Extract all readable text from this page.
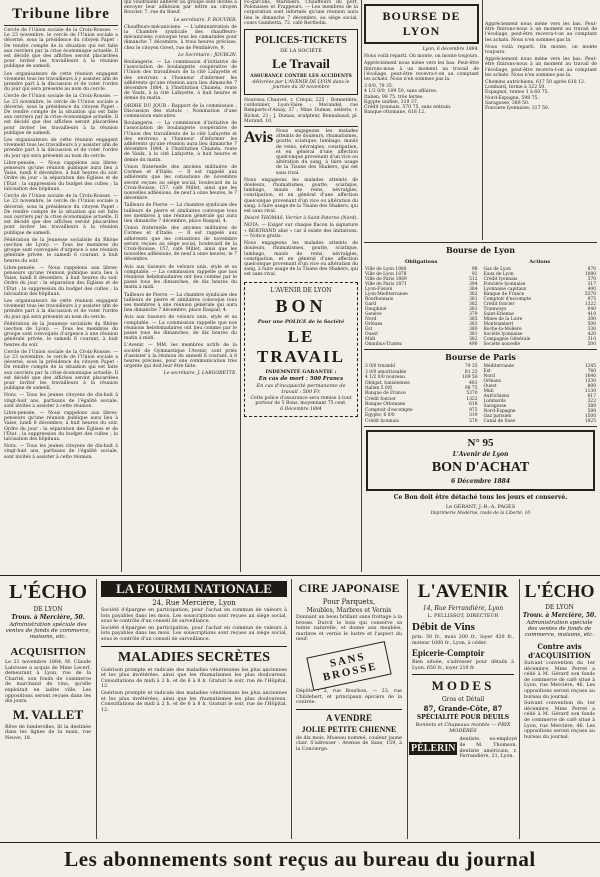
Tribune libre

Cercle de l'Union sociale de la Croix-Rousse. — Le 23 novembre, le cercle de l'Union sociale a décerné, sous la présidence du citoyen Papet : De rendre compte de la situation qui est faite aux ouvriers par la crise économique actuelle. Il est décidé que des affiches seront placardées pour inviter les travailleurs à la réunion publique de samedi.

Les organisateurs de cette réunion engagent vivement tous les travailleurs à y assister afin de prendre part à la discussion et de voter l'ordre du jour qui sera présenté au nom du cercle.

Cercle de l'Union sociale de la Croix-Rousse. — Le 23 novembre, le cercle de l'Union sociale a décerné, sous la présidence du citoyen Papet : De rendre compte de la situation qui est faite aux ouvriers par la crise économique actuelle. Il est décidé que des affiches seront placardées pour inviter les travailleurs à la réunion publique de samedi.

Les organisateurs de cette réunion engagent vivement tous les travailleurs à y assister afin de prendre part à la discussion et de voter l'ordre du jour qui sera présenté au nom du cercle.

Libre-pensée. — Nous rappelons aux libres-penseurs qu'une réunion publique aura lieu à Vaise, lundi 8 décembre, à huit heures du soir. Ordre du jour : la séparation des Églises et de l'État ; la suppression du budget des cultes ; la laïcisation des hôpitaux.

Cercle de l'Union sociale de la Croix-Rousse. — Le 23 novembre, le cercle de l'Union sociale a décerné, sous la présidence du citoyen Papet : De rendre compte de la situation qui est faite aux ouvriers par la crise économique actuelle. Il est décidé que des affiches seront placardées pour inviter les travailleurs à la réunion publique de samedi.

Fédération de la Jeunesse socialiste du Rhône (section de Lyon). — Tous les membres du groupe sont convoqués d'urgence à une réunion générale privée, le samedi 6 courant, à huit heures du soir.

Libre-pensée. — Nous rappelons aux libres-penseurs qu'une réunion publique aura lieu à Vaise, lundi 8 décembre, à huit heures du soir. Ordre du jour : la séparation des Églises et de l'État ; la suppression du budget des cultes ; la laïcisation des hôpitaux.

Les organisateurs de cette réunion engagent vivement tous les travailleurs à y assister afin de prendre part à la discussion et de voter l'ordre du jour qui sera présenté au nom du cercle.

Fédération de la Jeunesse socialiste du Rhône (section de Lyon). — Tous les membres du groupe sont convoqués d'urgence à une réunion générale privée, le samedi 6 courant, à huit heures du soir.

Cercle de l'Union sociale de la Croix-Rousse. — Le 23 novembre, le cercle de l'Union sociale a décerné, sous la présidence du citoyen Papet : De rendre compte de la situation qui est faite aux ouvriers par la crise économique actuelle. Il est décidé que des affiches seront placardées pour inviter les travailleurs à la réunion publique de samedi.

Nora. — Tous les jeunes citoyens de dix-huit à vingt-huit ans, partisans de l'égalité sociale, sont invités à assister à cette réunion.

Libre-pensée. — Nous rappelons aux libres-penseurs qu'une réunion publique aura lieu à Vaise, lundi 8 décembre, à huit heures du soir. Ordre du jour : la séparation des Églises et de l'État ; la suppression du budget des cultes ; la laïcisation des hôpitaux.

Nora. — Tous les jeunes citoyens de dix-huit à vingt-huit ans, partisans de l'égalité sociale, sont invités à assister à cette réunion.

qui voudraient adhérer au groupe sont invités à envoyer leur adhésion par lettre au citoyen Bouvier, 7, rue du Bœuf.

Le secrétaire, P. BOUVIER.

Chauffeurs-mécaniciens. — L'administration de la Chambre syndicale des chauffeurs-mécaniciens convoque tous les camarades pour dimanche 7 décembre, à trois heures précises, chez le citoyen Greet, rue de Penthièvre, 9.

Le Secrétaire : JOUBLIN.

Boulangerie. — La commission d'initiative de l'association de boulangerie coopérative de l'Union des travailleurs de la cité Lafayette et des environs a l'honneur d'informer les adhérents qu'une réunion aura lieu dimanche 7 décembre 1884, à l'Institution Chianéa, route de Vaulx, à la cité Lafayette, à huit heures et demie du matin.

ORDRE DU JOUR : Rapport de la commission ; Discussion des statuts ; Nomination d'une commission exécutive.

Boulangerie. — La commission d'initiative de l'association de boulangerie coopérative de l'Union des travailleurs de la cité Lafayette et des environs a l'honneur d'informer les adhérents qu'une réunion aura lieu dimanche 7 décembre 1884, à l'Institution Chianéa, route de Vaulx, à la cité Lafayette, à huit heures et demie du matin.

Union fraternelle des anciens militaires de Cormes et d'Italie. — Il est rappelé aux adhérents que les cotisations de novembre seront reçues au siège social, boulevard de la Croix-Rousse, 157, café Millet, ainsi que les nouvelles adhésions, de neuf à onze heures, le 7 décembre.

Tailleurs de Pierre. — La chambre syndicale des tailleurs de pierre et similaires convoque tous ses membres à une réunion générale qui aura lieu dimanche 7 décembre, place Raspail, 4.

Union fraternelle des anciens militaires de Cormes et d'Italie. — Il est rappelé aux adhérents que les cotisations de novembre seront reçues au siège social, boulevard de la Croix-Rousse, 157, café Millet, ainsi que les nouvelles adhésions, de neuf à onze heures, le 7 décembre.

Avis aux tisseurs de velours unis, style et sa comptable. — La commission rappelle que nos réunions hebdomadaires ont lieu comme par le passé tous les dimanches, de dix heures du matin à midi.

Tailleurs de Pierre. — La chambre syndicale des tailleurs de pierre et similaires convoque tous ses membres à une réunion générale qui aura lieu dimanche 7 décembre, place Raspail, 4.

Avis aux tisseurs de velours unis, style et sa comptable. — La commission rappelle que nos réunions hebdomadaires ont lieu comme par le passé tous les dimanches, de dix heures du matin à midi.

L'Avenir. — MM. les membres actifs de la société de Gymnastique l'Avenir, sont priés d'assister à la réunion du samedi 6 courant, à 8 heures précises, pour une communication très urgente qui doit leur être faite.

Le secrétaire, J. LARGORETTE.

Fo-garcons, Mariniers, Chauffeurs du port, Polonaises et Frappeurs. — Les membres de la corporation sont informés qu'une réunion aura lieu le dimanche 7 décembre, au siège social, cours Gambetta, 72, café Berthelin.

POLICES-TICKETS
DE LA SOCIÉTÉ
Le Travail
ASSURANCE CONTRE LES ACCIDENTS
délivrées par L'AVENIR DE LYON dans le journée du 30 novembre

Nouveau Chauvet, r. Créqui, 225 ; Bonnetière, cordonnier, Lyon-Vaise ; Morandel, rue Remparts-d'Ainay, 37 ; Mme Dumas, sellerie, r. Bichat, 23 ; J. Dumas, sculpteur, Bonnabaud, pl. Morand, 10.

Avis Nous engageons les malades atteints de douleurs, rhumatismes, goutte, sciatique, lumbago, mauls de reins, névralgies, constipation, et en général d'une affection quelconque provenant d'un vice ou altération du sang, à faire usage de la Tisane des Shakers, qui est sans rival.

Nous engageons les malades atteints de douleurs, rhumatismes, goutte, sciatique, lumbago, mauls de reins, névralgies, constipation, et en général d'une affection quelconque provenant d'un vice ou altération du sang, à faire usage de la Tisane des Shakers, qui est sans rival.

Désiré THOMAS, Verrier à Saint-Paterne (Nord).

NOTA. — Exiger sur chaque flacon la signature « BERTRAND aîné » car il existe des imitations. — Notice gratis.

Nous engageons les malades atteints de douleurs, rhumatismes, goutte, sciatique, lumbago, mauls de reins, névralgies, constipation, et en général d'une affection quelconque provenant d'un vice ou altération du sang, à faire usage de la Tisane des Shakers, qui est sans rival.

L'AVENIR DE LYON
BON
Pour une POLICE de la Société
LE TRAVAIL
INDEMNITÉ GARANTIE :
En cas de mort : 500 Francs
En cas d'incapacité permanente de travail : 500 Fr.
Cette police d'assurance sera remise à tout porteur de 5 Bons, moyennant 75 cent.
6 Décembre 1884
BOURSE DE LYON

Lyon, 6 décembre 1884.

Nous voilà reparti. On monte, on monte toujours.

Appréciement nous mène vers les bas. Peut-être finirons-nous à un moment au travail de l'écoliage, peut-être recevra-t-on au comptant les achats. Nous n'en sommes pas la.

3 0/0, 79 35.

4 1/2 0/0, 109 50, sans affaires.

Italien, 98 75, très ferme.

Egypte unifiée, 319 37.

Crédit lyonnais, 570 75, sans entrain.

Banque ottomane, 618 12.

Appréciement nous mène vers les bas. Peut-être finirons-nous à un moment au travail de l'écoliage, peut-être recevra-t-on au comptant les achats. Nous n'en sommes pas la.

Nous voilà reparti. On monte, on monte toujours.

Appréciement nous mène vers les bas. Peut-être finirons-nous à un moment au travail de l'écoliage, peut-être recevra-t-on au comptant les achats. Nous n'en sommes pas la.

Chemins autrichiens, 617 50 après 618 12.

Lombard, ferme à 322 50.

Espagnol, rentes 1 à 60 75.

Nord-Espagne, 598 75.

Saragosse, 389 50.

Fonciere lyonnaise, 317 50.

Bourse de Lyon
Obligations
Ville de Lyon 1880	98
Ville de Lyon 1878	92
Ville de Paris 1869	512
Ville de Paris 1871	394
Lyon-Fusion	384
Lyon-Mediterranee	382
Bourbonnais	381
Gard	382
Dauphiné	381
Genève	379
Nord	385
Orléans	383
Est	380
Ouest	381
Midi	382
Omnibus-Tramw.	490
Actions
Gaz de Lyon	870
Eaux de Lyon	1080
Crédit lyonnais	570
Foncière lyonnaise	317
Lyonnaise capitaux	400
Banque de France	5370
Comptoir d'escompte	975
Crédit foncier	1322
Tramways	640
Saint-Etienne	410
Mines de la Loire	300
Montrambert	500
Roche-la-Molière	330
Société lyonnaise	420
Compagnie Générale	310
Société nouvelle	500
Bourse de Paris
3 0/0 trnsmbl	79 35
3 0/0 amortissable	81 25
4 1/2 0/0 nouveau	109 50
Obligat. tunisiennes	481
Italien 5 0/0	98 75
Banque de France	5370
Crédit foncier	1322
Banque Ottomane	618
Comptoir d'escompte	975
Egypte, 6 0/0	319
Crédit lyonnais	570
Méditerranée	1245
Est	760
Nord	1640
Orléans	1330
Ouest	800
Midi	1130
Autrichiens	617
Lombards	322
Saragosse	389
Nord-Espagne	598
Gaz parisien	1500
Canal de Suez	1925
N° 95
L'Avenir de Lyon
BON D'ACHAT
6 Décembre 1884
Ce Bon doit être détaché tous les jours et conservé.
Le GÉRANT, J.-B.-A. PAGÈS
Imprimerie Modèrne, route de la Liberté, 10
L'ÉCHO
DE LYON
Trouv. à Mercière, 50.
Administration spéciale des ventes de fonds de commerce, maisons, etc.
ACQUISITION

Le 21 novembre 1884, M. Claude Labrosse a acquis de Mme Lecerf, demeurant à Lyon, rue de la Charité, son fonds de commerce de marchand de vins, qu'elle exploitait en ladite ville. Les oppositions seront reçues dans les dix jours.

M. VALLET

Rêve de lunderolles, lit la destinée dans les lignes de la main, rue Neuve, 18.

LA FOURMI NATIONALE
24, Rue Mercière, Lyon

Société d'épargne en participation, pour l'achat en commun de valeurs à lots payables dans les mois. Les souscriptions sont reçues au siège social, sous le contrôle d'un conseil de surveillance.

Société d'épargne en participation, pour l'achat en commun de valeurs à lots payables dans les mois. Les souscriptions sont reçues au siège social, sous le contrôle d'un conseil de surveillance.

MALADIES SECRÈTES

Guérison prompte et radicale des maladies vénériennes les plus anciennes et les plus invétérées, ainsi que les rhumatismes les plus douloureux. Consultations de midi à 2 h. et de 6 à 8 h. Gratuit le soir, rue de l'Hôpital, 12.

Guérison prompte et radicale des maladies vénériennes les plus anciennes et les plus invétérées, ainsi que les rhumatismes les plus douloureux. Consultations de midi à 2 h. et de 6 à 8 h. Gratuit le soir, rue de l'Hôpital, 12.

CIRE JAPONAISE
Pour Parquets,
Meubles, Marbres et Vernis

Donnant un beau brillant sans frottage à la brosse. Durcit le bois qui conserve sa teinte naturelle, et donne aux meubles, marbres et vernis le lustre et l'aspect du neuf.

SANS BROSSE

Dépôts : 2, rue Bourbon, — 23, rue Childebert, et principaux épiciers de la contrée.

A VENDRE
JOLIE PETITE CHIENNE

de dix mois. Museau nommé, couleur jaune clair. S'adresser : Avenue de Saxe, 159, à la Concierge.

L'AVENIR
14, Rue Ferrandière, Lyon
L. PELLISSOT, DIRECTEUR
Débit de Vins

prix: 50 fr., mois 200 fr., loyer 420 fr., moteur 1000 fr., Lyon, à céder.

Epicerie-Comptoir

Bien située, s'adresser pour détails à Lyon. 650 fr., loyer 210 fr.

MODES
Gros et Détail
87, Grande-Côte, 87
SPÉCIALITÉ POUR DEUILS
Bonnets et Chapeaux montés — PRIX MODÉRÉS
PÈLERIN

dentiste, ex-employé de M. Thomson, dentiste américain, r. Ferrandière, 21, Lyon.

L'ÉCHO
DE LYON
Trouv. à Mercière, 50.
Administration spéciale des ventes de fonds de commerce, maisons, etc.
Contre avis d'ACQUISITION

Suivant convention du 1er décembre, Mme Perret a cédé à M. Gérard son fonds de commerce de café situé à Lyon, rue Mercière, 46. Les oppositions seront reçues au bureau du journal.

Suivant convention du 1er décembre, Mme Perret a cédé à M. Gérard son fonds de commerce de café situé à Lyon, rue Mercière, 46. Les oppositions seront reçues au bureau du journal.

Les abonnements sont reçus au bureau du journal
